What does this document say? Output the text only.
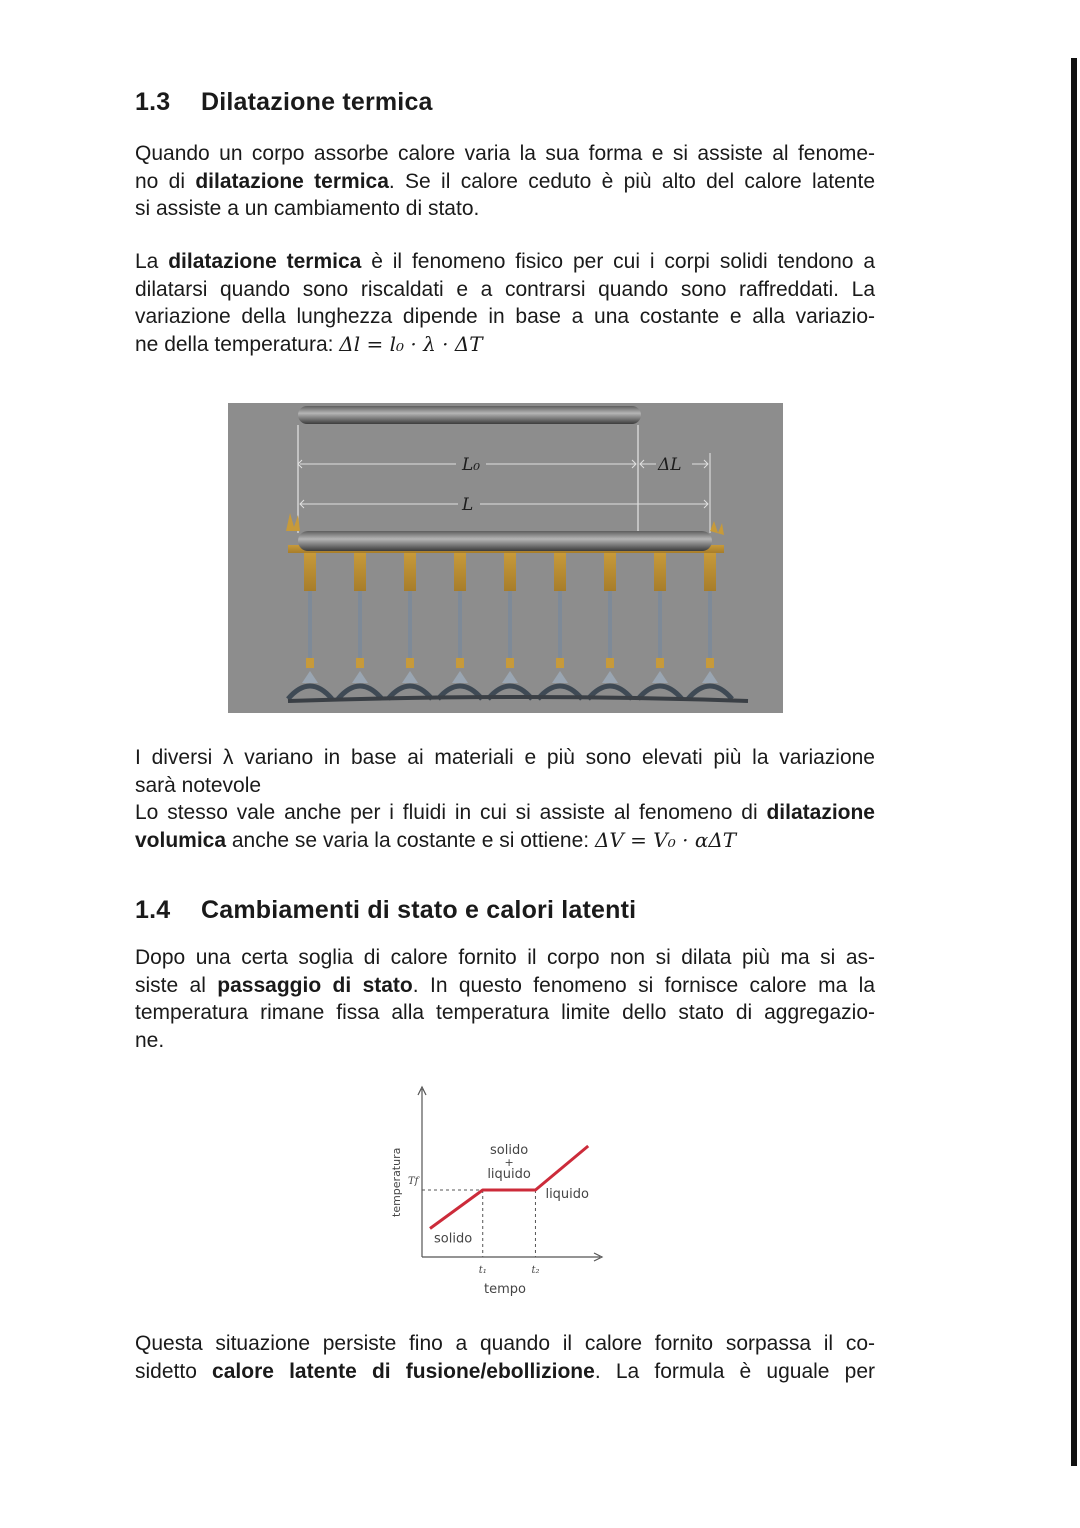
1.3 Dilatazione termica
Quando un corpo assorbe calore varia la sua forma e si assiste al fenome-
no di dilatazione termica. Se il calore ceduto è più alto del calore latente
si assiste a un cambiamento di stato.
La dilatazione termica è il fenomeno fisico per cui i corpi solidi tendono a
dilatarsi quando sono riscaldati e a contrarsi quando sono raffreddati. La
variazione della lunghezza dipende in base a una costante e alla variazio-
ne della temperatura: Δl = l₀ · λ · ΔT
L₀	ΔL
L
I diversi λ variano in base ai materiali e più sono elevati più la variazione
sarà notevole
Lo stesso vale anche per i fluidi in cui si assiste al fenomeno di dilatazione
volumica anche se varia la costante e si ottiene: ΔV = V₀ · αΔT
1.4 Cambiamenti di stato e calori latenti
Dopo una certa soglia di calore fornito il corpo non si dilata più ma si as-
siste al passaggio di stato. In questo fenomeno si fornisce calore ma la
temperatura rimane fissa alla temperatura limite dello stato di aggregazio-
ne.
t₁	t₂
Tf
tempo
temperatura
solido
solido
+
liquido
liquido
Questa situazione persiste fino a quando il calore fornito sorpassa il co-
sidetto calore latente di fusione/ebollizione. La formula è uguale per
